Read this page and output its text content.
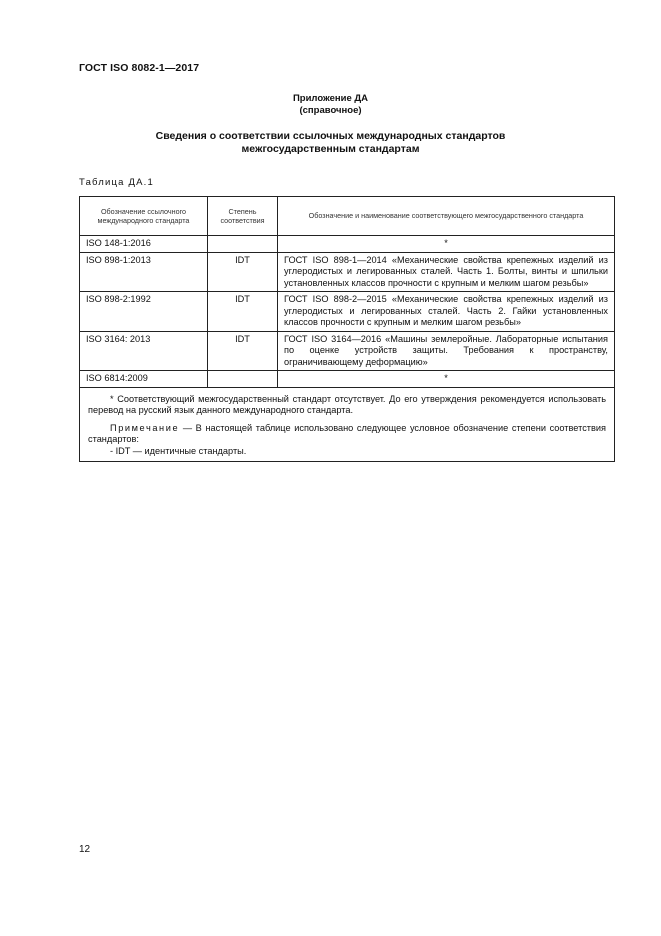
ГОСТ ISO 8082-1—2017
Приложение ДА
(справочное)
Сведения о соответствии ссылочных международных стандартов
межгосударственным стандартам
Таблица ДА.1
Обозначение ссылочного международного стандарта	Степень соответствия	Обозначение и наименование соответствующего межгосударственного стандарта
ISO 148-1:2016		*
ISO 898-1:2013	IDT	ГОСТ ISO 898-1—2014 «Механические свойства крепежных изделий из углеродистых и легированных сталей. Часть 1. Болты, винты и шпильки установленных классов прочности с крупным и мелким шагом резьбы»
ISO 898-2:1992	IDT	ГОСТ ISO 898-2—2015 «Механические свойства крепежных изделий из углеродистых и легированных сталей. Часть 2. Гайки установленных классов прочности с крупным и мелким шагом резьбы»
ISO 3164: 2013	IDT	ГОСТ ISO 3164—2016 «Машины землеройные. Лабораторные испытания по оценке устройств защиты. Требования к пространству, ограничивающему деформацию»
ISO 6814:2009		*

* Соответствующий межгосударственный стандарт отсутствует. До его утверждения рекомендуется использовать перевод на русский язык данного международного стандарта.

Примечание — В настоящей таблице использовано следующее условное обозначение степени соответствия стандартов:

- IDT — идентичные стандарты.		

12
